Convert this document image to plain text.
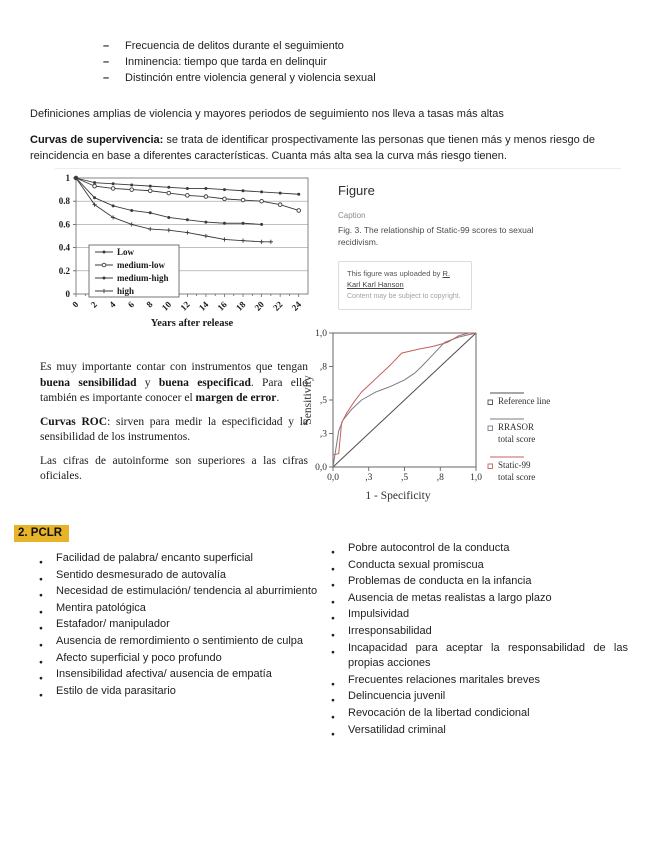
– Frecuencia de delitos durante el seguimiento
– Inminencia: tiempo que tarda en delinquir
– Distinción entre violencia general y violencia sexual

Definiciones amplias de violencia y mayores periodos de seguimiento nos lleva a tasas más altas

Curvas de supervivencia: se trata de identificar prospectivamente las personas que tienen más y menos riesgo de reincidencia en base a diferentes características. Cuanta más alta sea la curva más riesgo tienen.

0
0.2
0.4
0.6
0.8
1
0 2 4 6 8 10 12 14 16 18 20 22 24
Years after release
Low
medium-low
medium-high
high
Figure
Caption
Fig. 3. The relationship of Static-99 scores to sexual recidivism.
This figure was uploaded by R. Karl Karl Hanson
Content may be subject to copyright.

Es muy importante contar con instrumentos que tengan buena sensibilidad y buena especificad. Para ello también es importante conocer el margen de error.

Curvas ROC: sirven para medir la especificidad y la sensibilidad de los instrumentos.

Las cifras de autoinforme son superiores a las cifras oficiales.

0,0
,3
,5
,8
1,0
0,0	,3	,5	,8	1,0
1 - Specificity
Sensitivity	Reference line
RRASOR
total score
Static-99
total score
2. PCLR
● Facilidad de palabra/ encanto superficial
● Sentido desmesurado de autovalía
● Necesidad de estimulación/ tendencia al aburrimiento
● Mentira patológica
● Estafador/ manipulador
● Ausencia de remordimiento o sentimiento de culpa
● Afecto superficial y poco profundo
● Insensibilidad afectiva/ ausencia de empatía
● Estilo de vida parasitario
● Pobre autocontrol de la conducta
● Conducta sexual promiscua
● Problemas de conducta en la infancia
● Ausencia de metas realistas a largo plazo
● Impulsividad
● Irresponsabilidad
● Incapacidad para aceptar la responsabilidad de las propias acciones
● Frecuentes relaciones maritales breves
● Delincuencia juvenil
● Revocación de la libertad condicional
● Versatilidad criminal
